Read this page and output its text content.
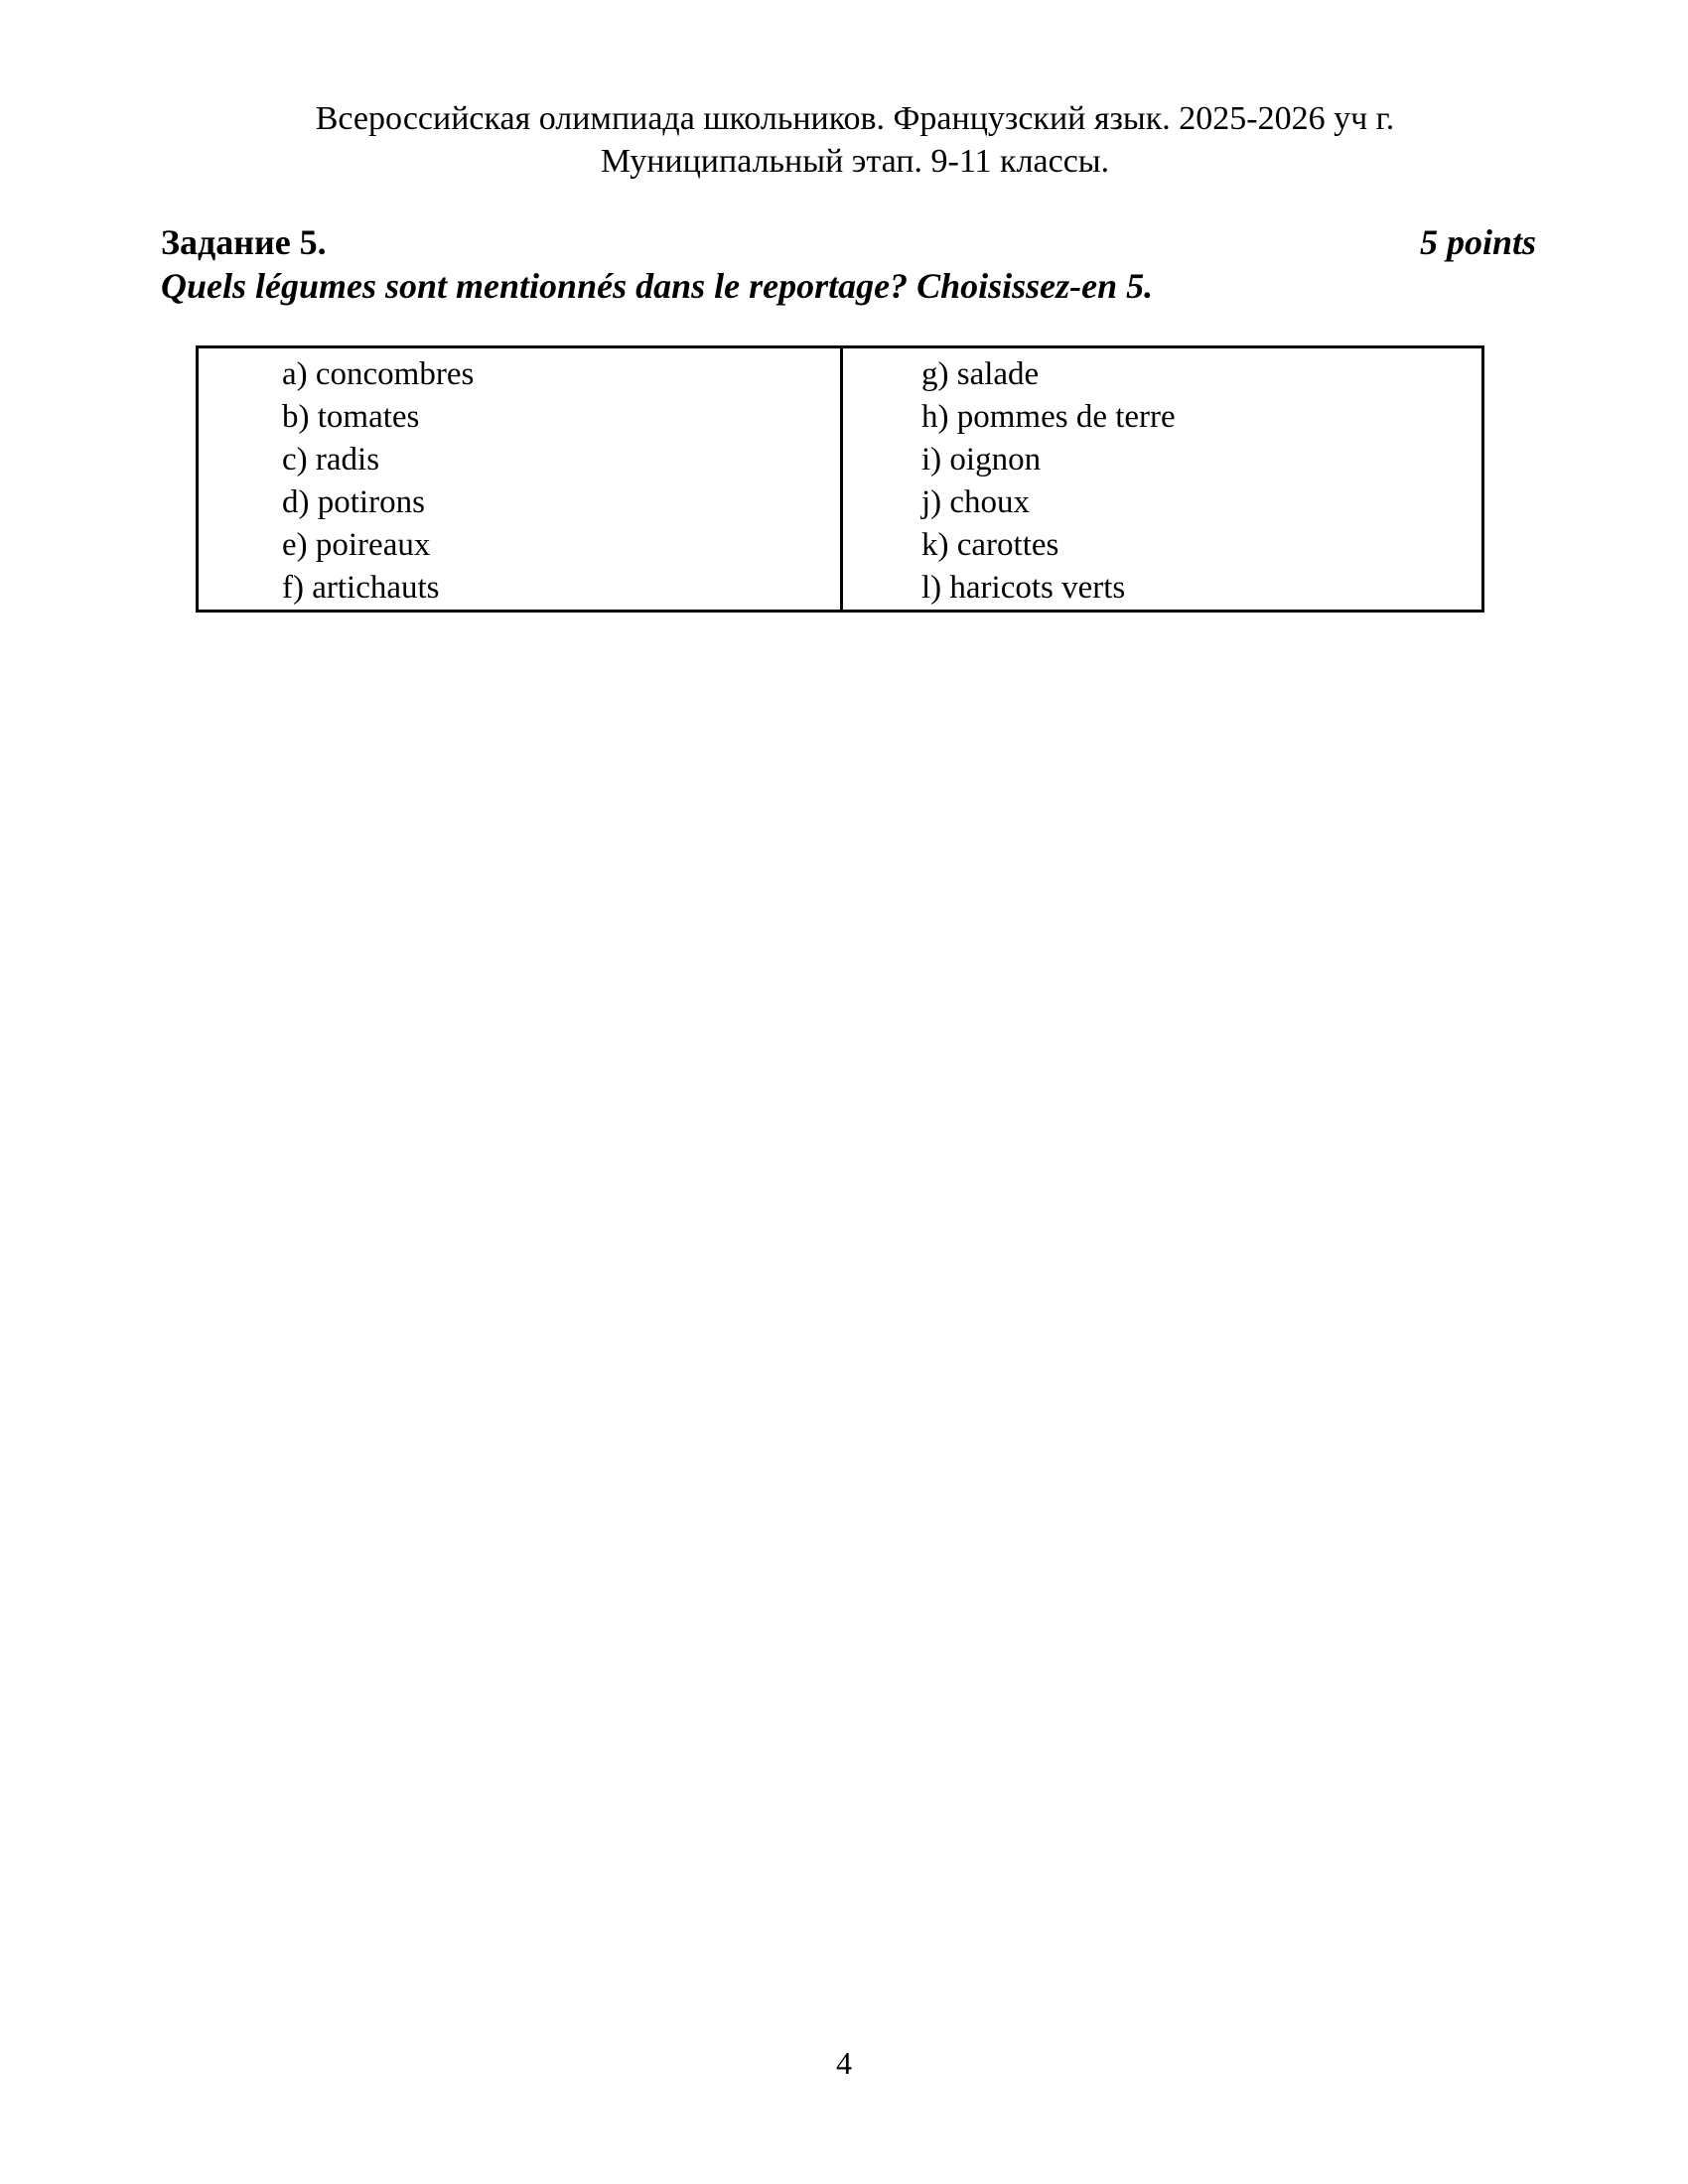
Всероссийская олимпиада школьников. Французский язык. 2025-2026 уч г.
Муниципальный этап. 9-11 классы.
Задание 5.	5 points
Quels légumes sont mentionnés dans le reportage? Choisissez-en 5.
a) concombres
b) tomates
c) radis
d) potirons
e) poireaux
f) artichauts
g) salade
h) pommes de terre
i) oignon
j) choux
k) carottes
l) haricots verts
4
